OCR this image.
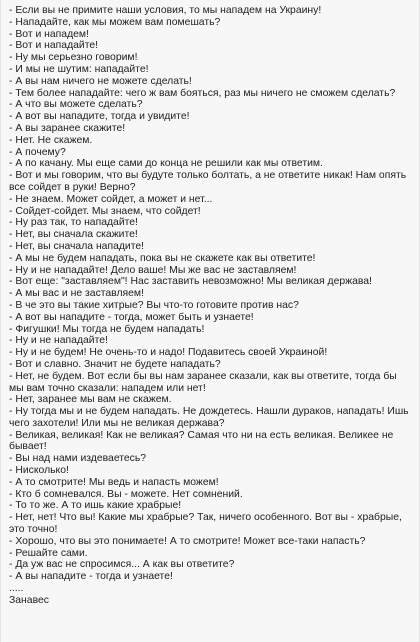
- Если вы не примите наши условия, то мы нападем на Украину!
- Нападайте, как мы можем вам помешать?
- Вот и нападем!
- Вот и нападайте!
- Ну мы серьезно говорим!
- И мы не шутим: нападайте!
- А вы нам ничего не можете сделать!
- Тем более нападайте: чего ж вам бояться, раз мы ничего не сможем сделать?
- А что вы можете сделать?
- А вот вы нападите, тогда и увидите!
- А вы заранее скажите!
- Нет. Не скажем.
- А почему?
- А по качану. Мы еще сами до конца не решили как мы ответим.
- Вот и мы говорим, что вы будуте только болтать, а не ответите никак! Нам опять все сойдет в руки! Верно?
- Не знаем. Может сойдет, а может и нет...
- Сойдет-сойдет. Мы знаем, что сойдет!
- Ну раз так, то нападайте!
- Нет, вы сначала скажите!
- Нет, вы сначала нападите!
- А мы не будем нападать, пока вы не скажете как вы ответите!
- Ну и не нападайте! Дело ваше! Мы же вас не заставляем!
- Вот еще: "заставляем"! Нас заставить невозможно! Мы великая держава!
- А мы вас и не заставляем!
- В че это вы такие хитрые? Вы что-то готовите против нас?
- А вот вы нападите - тогда, может быть и узнаете!
- Фигушки! Мы тогда не будем нападать!
- Ну и не нападайте!
- Ну и не будем! Не очень-то и надо! Подавитесь своей Украиной!
- Вот и славно. Значит не будете нападать?
- Нет, не будем. Вот если бы вы нам заранее сказали, как вы ответите, тогда бы мы вам точно сказали: нападем или нет!
- Нет, заранее мы вам не скажем.
- Ну тогда мы и не будем нападать. Не дождетесь. Нашли дураков, нападать! Ишь чего захотели! Или мы не великая держава?
- Великая, великая! Как не великая? Самая что ни на есть великая. Великее не бывает!
- Вы над нами издеваетесь?
- Нисколько!
- А то смотрите! Мы ведь и напасть можем!
- Кто б сомневался. Вы - можете. Нет сомнений.
- То то же. А то ишь какие храбрые!
- Нет, нет! Что вы! Какие мы храбрые? Так, ничего особенного. Вот вы - храбрые, это точно!
- Хорошо, что вы это понимаете! А то смотрите! Может все-таки напасть?
- Решайте сами.
- Да уж вас не спросимся... А как вы ответите?
- А вы нападите - тогда и узнаете!
.....
Занавес
